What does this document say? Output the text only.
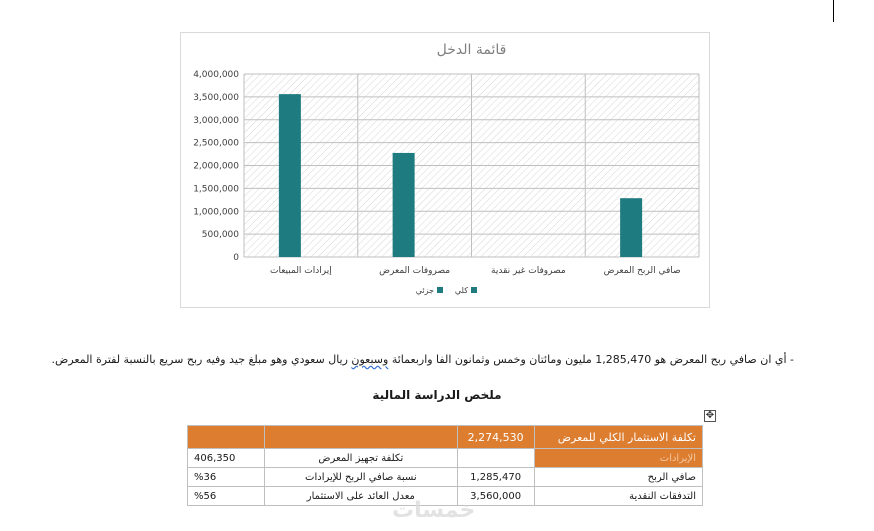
0
500,000
1,000,000
1,500,000
2,000,000
2,500,000
3,000,000
3,500,000
4,000,000
إيرادات المبيعات	مصروفات المعرض	مصروفات غير نقدية	صافي الربح المعرض
قائمة الدخل
كلي
جزئي
- أي ان صافي ربح المعرض هو 1,285,470 مليون ومائتان وخمس وثمانون الفا واربعمائة وسبعون ريال سعودي وهو مبلغ جيد وفيه ربح سريع بالنسبة لفترة المعرض.
ملخص الدراسة المالية
✥
تكلفة الاستثمار الكلي للمعرض	2,274,530		
الإيرادات		تكلفة تجهيز المعرض	406,350
صافي الربح	1,285,470	نسبة صافي الربح للإيرادات	%36
التدفقات النقدية	3,560,000	معدل العائد على الاستثمار	%56
خمسات
